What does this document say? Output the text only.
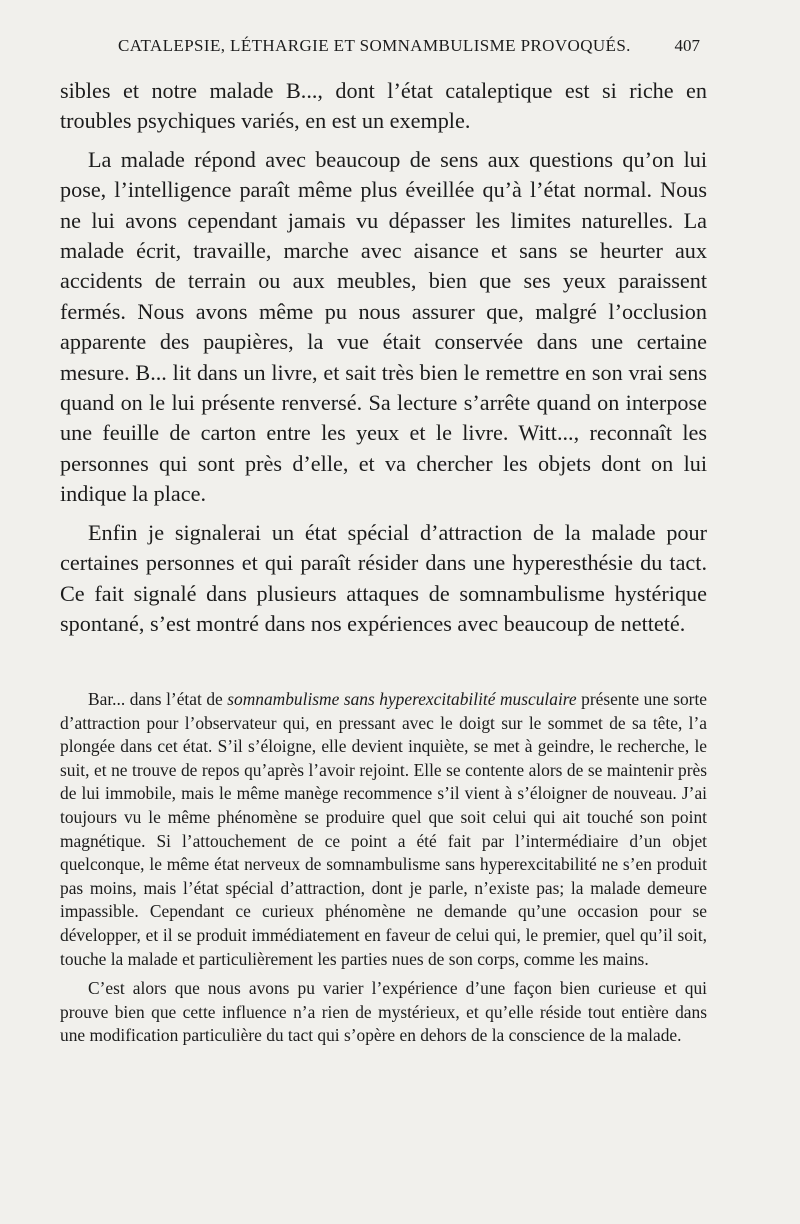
CATALEPSIE, LÉTHARGIE ET SOMNAMBULISME PROVOQUÉS.	407

sibles et notre malade B..., dont l’état cataleptique est si riche en troubles psychiques variés, en est un exemple.

La malade répond avec beaucoup de sens aux questions qu’on lui pose, l’intelligence paraît même plus éveillée qu’à l’état normal. Nous ne lui avons cependant jamais vu dépasser les limites naturelles. La malade écrit, travaille, marche avec aisance et sans se heurter aux accidents de terrain ou aux meubles, bien que ses yeux paraissent fermés. Nous avons même pu nous assurer que, malgré l’occlusion apparente des paupières, la vue était conservée dans une certaine mesure. B... lit dans un livre, et sait très bien le remettre en son vrai sens quand on le lui présente renversé. Sa lecture s’arrête quand on interpose une feuille de carton entre les yeux et le livre. Witt..., reconnaît les personnes qui sont près d’elle, et va chercher les objets dont on lui indique la place.

Enfin je signalerai un état spécial d’attraction de la malade pour certaines personnes et qui paraît résider dans une hyperesthésie du tact. Ce fait signalé dans plusieurs attaques de somnambulisme hystérique spontané, s’est montré dans nos expériences avec beaucoup de netteté.

Bar... dans l’état de somnambulisme sans hyperexcitabilité musculaire présente une sorte d’attraction pour l’observateur qui, en pressant avec le doigt sur le sommet de sa tête, l’a plongée dans cet état. S’il s’éloigne, elle devient inquiète, se met à geindre, le recherche, le suit, et ne trouve de repos qu’après l’avoir rejoint. Elle se contente alors de se maintenir près de lui immobile, mais le même manège recommence s’il vient à s’éloigner de nouveau. J’ai toujours vu le même phénomène se produire quel que soit celui qui ait touché son point magnétique. Si l’attouchement de ce point a été fait par l’intermédiaire d’un objet quelconque, le même état nerveux de somnambulisme sans hyperexcitabilité ne s’en produit pas moins, mais l’état spécial d’attraction, dont je parle, n’existe pas; la malade demeure impassible. Cependant ce curieux phénomène ne demande qu’une occasion pour se développer, et il se produit immédiatement en faveur de celui qui, le premier, quel qu’il soit, touche la malade et particulièrement les parties nues de son corps, comme les mains.

C’est alors que nous avons pu varier l’expérience d’une façon bien curieuse et qui prouve bien que cette influence n’a rien de mystérieux, et qu’elle réside tout entière dans une modification particulière du tact qui s’opère en dehors de la conscience de la malade.
